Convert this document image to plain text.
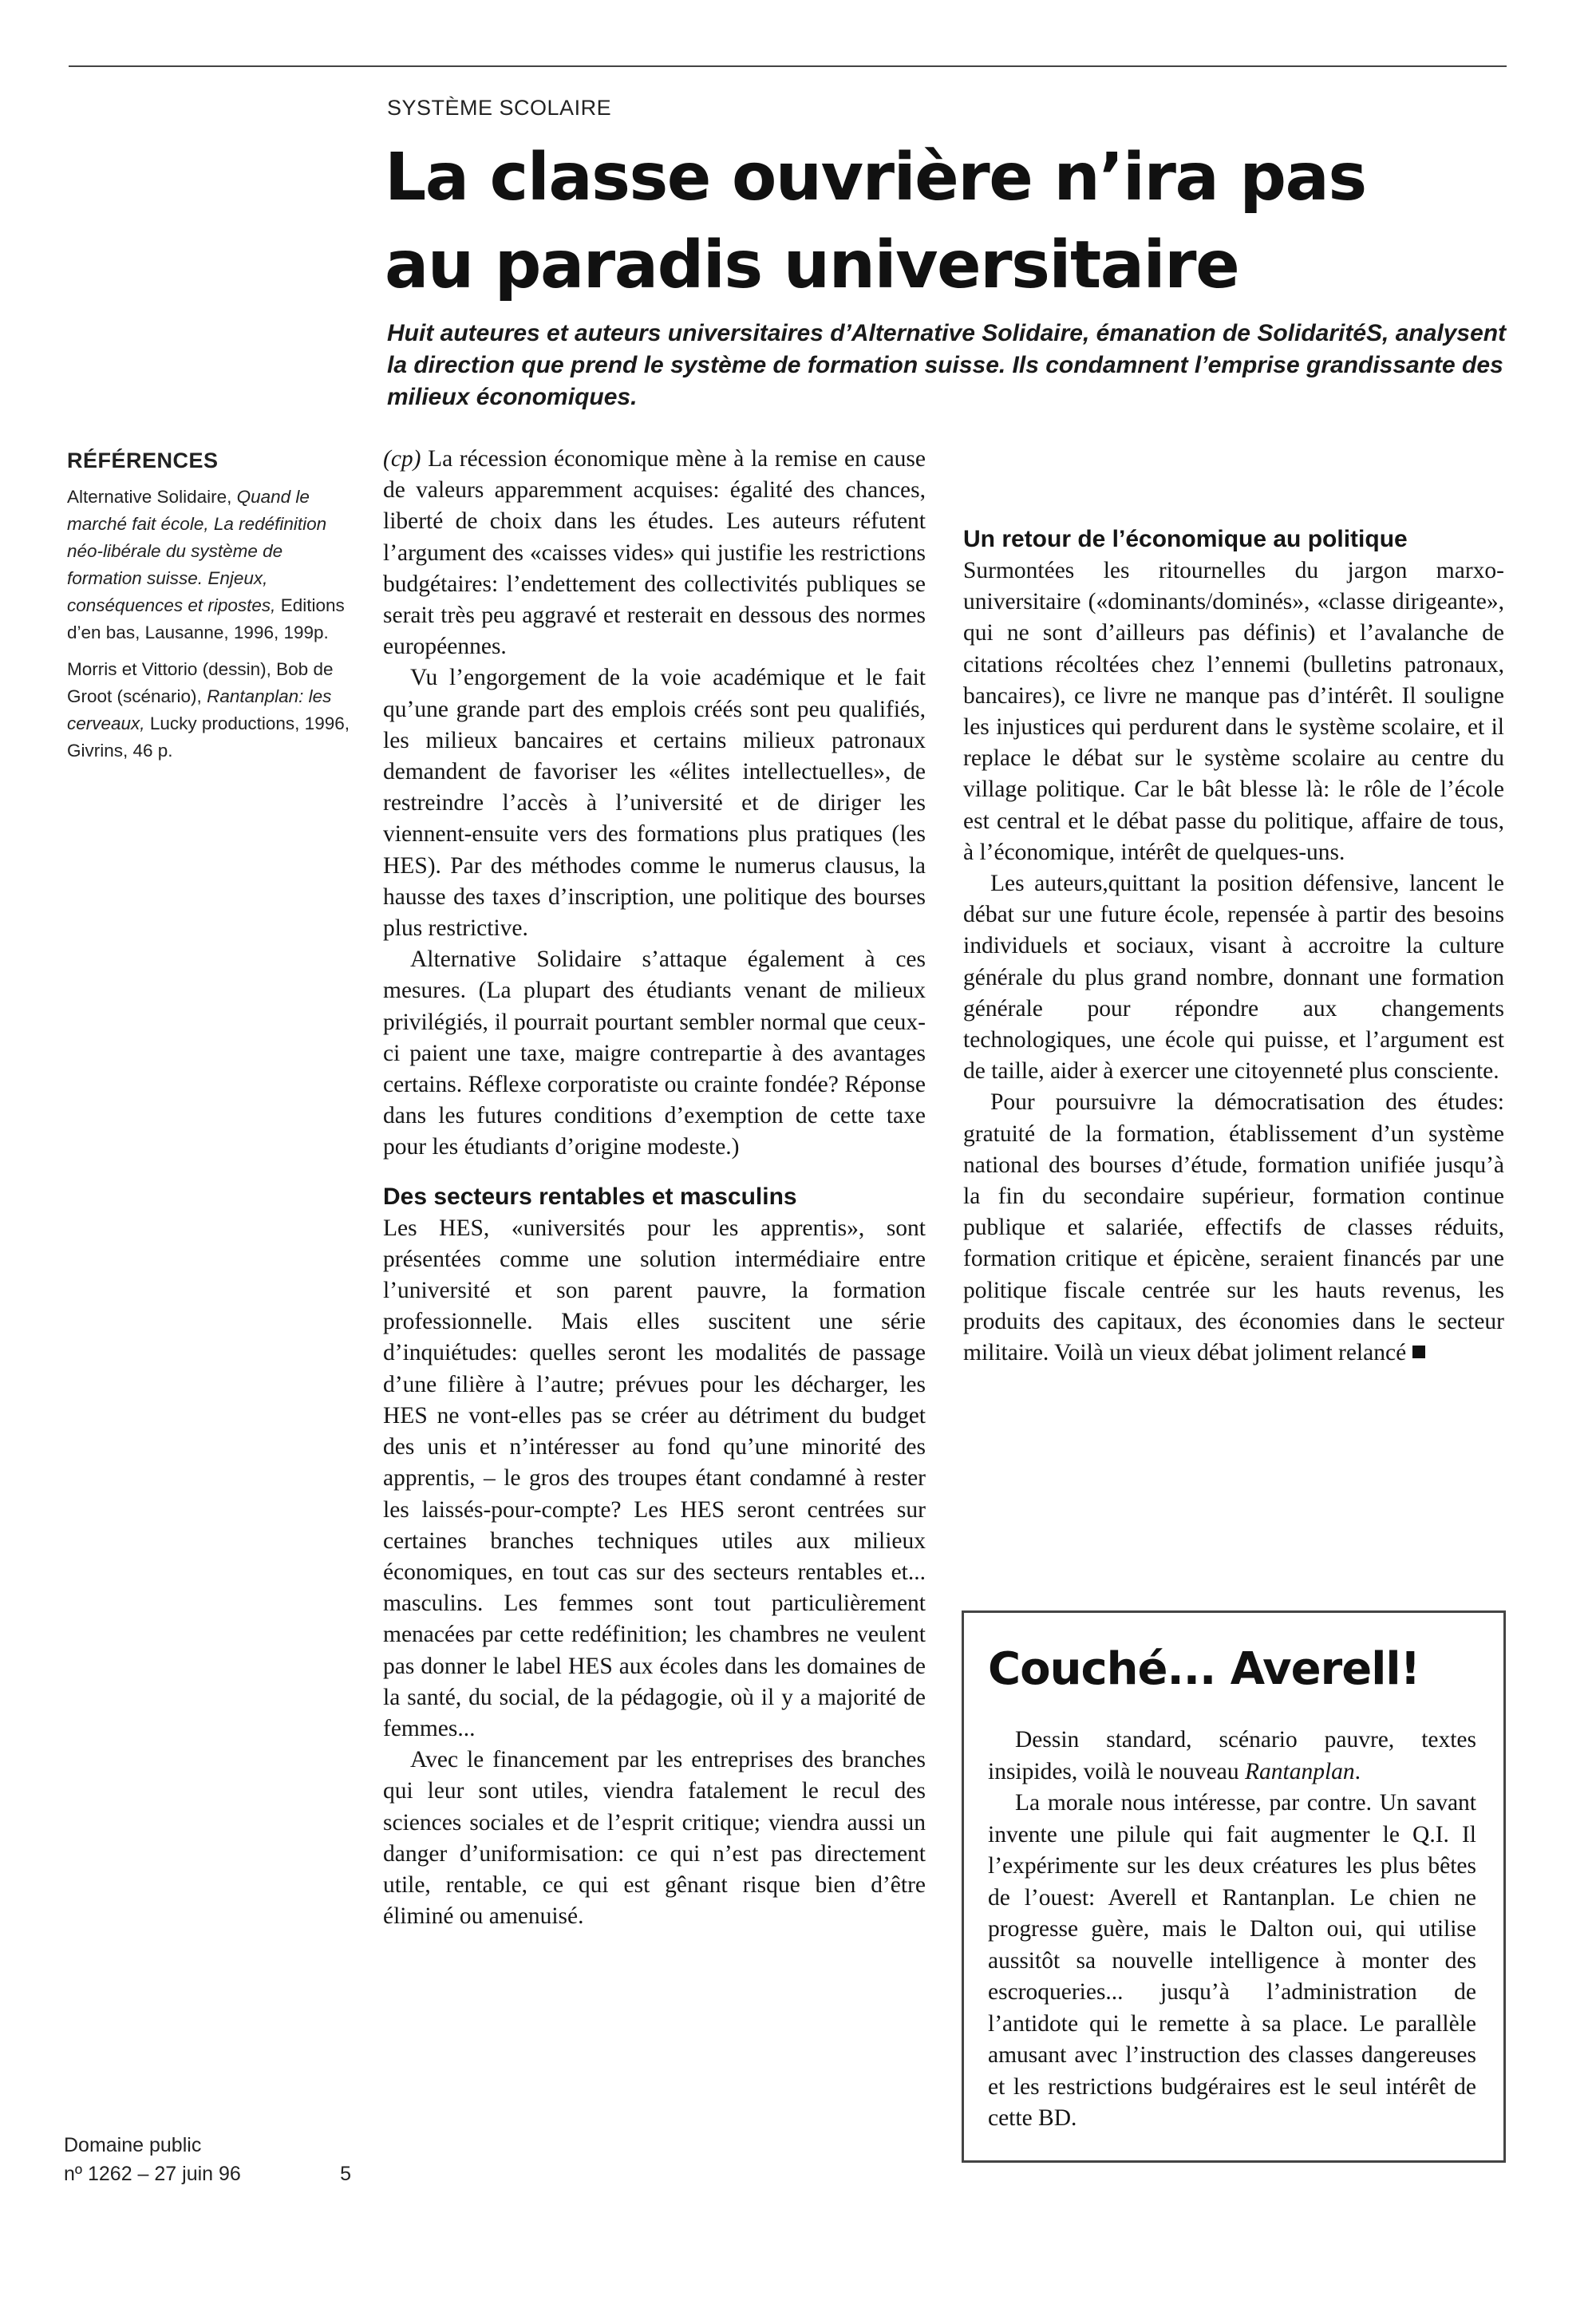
SYSTÈME SCOLAIRE
La classe ouvrière n’ira pas
au paradis universitaire

Huit auteures et auteurs universitaires d’Alternative Solidaire, émanation de SolidaritéS, analysent la direction que prend le système de formation suisse. Ils condamnent l’emprise grandissante des milieux économiques.

RÉFÉRENCES

Alternative Solidaire, Quand le marché fait école, La redéfinition néo-libérale du système de formation suisse. Enjeux, conséquences et ripostes, Editions d’en bas, Lausanne, 1996, 199p.

Morris et Vittorio (dessin), Bob de Groot (scénario), Rantanplan: les cerveaux, Lucky productions, 1996, Givrins, 46 p.

(cp) La récession économique mène à la remise en cause de valeurs apparemment acquises: égalité des chances, liberté de choix dans les études. Les auteurs réfutent l’argument des «caisses vides» qui justifie les restrictions budgétaires: l’endettement des collectivités publiques se serait très peu aggravé et resterait en dessous des normes européennes.

Vu l’engorgement de la voie académique et le fait qu’une grande part des emplois créés sont peu qualifiés, les milieux bancaires et certains milieux patronaux demandent de favoriser les «élites intellectuelles», de restreindre l’accès à l’université et de diriger les viennent-ensuite vers des formations plus pratiques (les HES). Par des méthodes comme le numerus clausus, la hausse des taxes d’inscription, une politique des bourses plus restrictive.

Alternative Solidaire s’attaque également à ces mesures. (La plupart des étudiants venant de milieux privilégiés, il pourrait pourtant sembler normal que ceux-ci paient une taxe, maigre contrepartie à des avantages certains. Réflexe corporatiste ou crainte fondée? Réponse dans les futures conditions d’exemption de cette taxe pour les étudiants d’origine modeste.)

Des secteurs rentables et masculins

Les HES, «universités pour les apprentis», sont présentées comme une solution intermédiaire entre l’université et son parent pauvre, la formation professionnelle. Mais elles suscitent une série d’inquiétudes: quelles seront les modalités de passage d’une filière à l’autre; prévues pour les décharger, les HES ne vont-elles pas se créer au détriment du budget des unis et n’intéresser au fond qu’une minorité des apprentis, – le gros des troupes étant condamné à rester les laissés-pour-compte? Les HES seront centrées sur certaines branches techniques utiles aux milieux économiques, en tout cas sur des secteurs rentables et... masculins. Les femmes sont tout particulièrement menacées par cette redéfinition; les chambres ne veulent pas donner le label HES aux écoles dans les domaines de la santé, du social, de la pédagogie, où il y a majorité de femmes...

Avec le financement par les entreprises des branches qui leur sont utiles, viendra fatalement le recul des sciences sociales et de l’esprit critique; viendra aussi un danger d’uniformisation: ce qui n’est pas directement utile, rentable, ce qui est gênant risque bien d’être éliminé ou amenuisé.

Un retour de l’économique au politique

Surmontées les ritournelles du jargon marxo-universitaire («dominants/dominés», «classe dirigeante», qui ne sont d’ailleurs pas définis) et l’avalanche de citations récoltées chez l’ennemi (bulletins patronaux, bancaires), ce livre ne manque pas d’intérêt. Il souligne les injustices qui perdurent dans le système scolaire, et il replace le débat sur le système scolaire au centre du village politique. Car le bât blesse là: le rôle de l’école est central et le débat passe du politique, affaire de tous, à l’économique, intérêt de quelques-uns.

Les auteurs,quittant la position défensive, lancent le débat sur une future école, repensée à partir des besoins individuels et sociaux, visant à accroitre la culture générale du plus grand nombre, donnant une formation générale pour répondre aux changements technologiques, une école qui puisse, et l’argument est de taille, aider à exercer une citoyenneté plus consciente.

Pour poursuivre la démocratisation des études: gratuité de la formation, établissement d’un système national des bourses d’étude, formation unifiée jusqu’à la fin du secondaire supérieur, formation continue publique et salariée, effectifs de classes réduits, formation critique et épicène, seraient financés par une politique fiscale centrée sur les hauts revenus, les produits des capitaux, des économies dans le secteur militaire. Voilà un vieux débat joliment relancé

Couché... Averell!

Dessin standard, scénario pauvre, textes insipides, voilà le nouveau Rantanplan.

La morale nous intéresse, par contre. Un savant invente une pilule qui fait augmenter le Q.I. Il l’expérimente sur les deux créatures les plus bêtes de l’ouest: Averell et Rantanplan. Le chien ne progresse guère, mais le Dalton oui, qui utilise aussitôt sa nouvelle intelligence à monter des escroqueries... jusqu’à l’administration de l’antidote qui le remette à sa place. Le parallèle amusant avec l’instruction des classes dangereuses et les restrictions budgéraires est le seul intérêt de cette BD.

Domaine public
nº 1262 – 27 juin 96	5
